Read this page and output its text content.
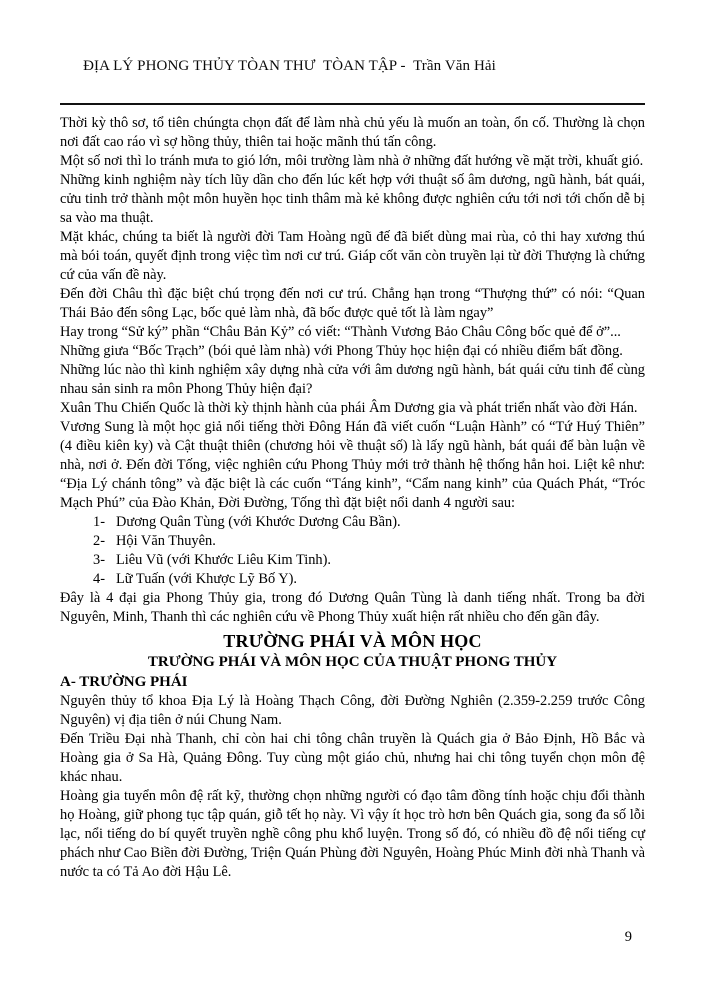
ĐỊA LÝ PHONG THỦY TÒAN THƯ  TÒAN TẬP -  Trần Văn Hải

Thời kỳ thô sơ, tổ tiên chúngta chọn đất để làm nhà chủ yếu là muốn an toàn, ổn cố. Thường là chọn nơi đất cao ráo vì sợ hồng thủy, thiên tai hoặc mãnh thú tấn công.

Một số nơi thì lo tránh mưa to gió lớn, môi trường làm nhà ở những đất hướng về mặt trời, khuất gió.

Những kinh nghiệm này tích lũy dần cho đến lúc kết hợp với thuật số âm dương, ngũ hành, bát quái, cửu tinh trở thành một môn huyền học tinh thâm mà kẻ không được nghiên cứu tới nơi tới chốn dễ bị sa vào ma thuật.

Mặt khác, chúng ta biết là người đời Tam Hoàng ngũ đế đã biết dùng mai rùa, cỏ thi hay xương thú mà bói toán, quyết định trong việc tìm nơi cư trú. Giáp cốt văn còn truyền lại từ đời Thượng là chứng cứ của vấn đề này.

Đến đời Châu thì đặc biệt chú trọng đến nơi cư trú. Chẳng hạn trong “Thượng thứ” có nói: “Quan Thái Bảo đến sông Lạc, bốc quẻ làm nhà, đã bốc được quẻ tốt là làm ngay”

Hay trong “Sử ký” phần “Châu Bản Kỷ” có viết: “Thành Vương Bảo Châu Công bốc quẻ để ở”...

Những giưa “Bốc Trạch” (bói quẻ làm nhà) với Phong Thủy học hiện đại có nhiều điểm bất đồng.

Những lúc nào thì kinh nghiệm xây dựng nhà cửa với âm dương ngũ hành, bát quái cửu tinh để cùng nhau sản sinh ra môn Phong Thủy hiện đại?

Xuân Thu Chiến Quốc là thời kỳ thịnh hành của phái Âm Dương gia và phát triển nhất vào đời Hán.

Vương Sung là một học giả nổi tiếng thời Đông Hán đã viết cuốn “Luận Hành” có “Tứ Huý Thiên” (4 điều kiên ky) và Cật thuật thiên (chương hỏi về thuật số) là lấy ngũ hành, bát quái để bàn luận về nhà, nơi ở. Đến đời Tống, việc nghiên cứu Phong Thủy mới trở thành hệ thống hẳn hoi. Liệt kê như: “Địa Lý chánh tông” và đặc biệt là các cuốn “Táng kinh”, “Cẩm nang kinh” của Quách Phát, “Tróc Mạch Phú” của Đào Khản, Đời Đường, Tống thì đặt biệt nổi danh 4 người sau:

1- Dương Quân Tùng (với Khước Dương Câu Bần).
2- Hội Văn Thuyên.
3- Liêu Vũ (với Khước Liêu Kim Tinh).
4- Lữ Tuấn (với Khược Lỹ Bố Y).

Đây là 4 đại gia Phong Thủy gia, trong đó Dương Quân Tùng là danh tiếng nhất. Trong ba đời Nguyên, Minh, Thanh thì các nghiên cứu về Phong Thủy xuất hiện rất nhiều cho đến gần đây.

TRƯỜNG PHÁI VÀ MÔN HỌC
TRƯỜNG PHÁI VÀ MÔN HỌC CỦA THUẬT PHONG THỦY
A- TRƯỜNG PHÁI

Nguyên thủy tổ khoa Địa Lý là Hoàng Thạch Công, đời Đường Nghiên (2.359-2.259 trước Công Nguyên) vị địa tiên ở núi Chung Nam.

Đến Triều Đại nhà Thanh, chỉ còn hai chi tông chân truyền là Quách gia ở Bảo Định, Hồ Bắc và Hoàng gia ở Sa Hà, Quảng Đông. Tuy cùng một giáo chủ, nhưng hai chi tông tuyển chọn môn đệ khác nhau.

Hoàng gia tuyển môn đệ rất kỹ, thường chọn những người có đạo tâm đồng tính hoặc chịu đổi thành họ Hoàng, giữ phong tục tập quán, giỗ tết họ này. Vì vậy ít học trò hơn bên Quách gia, song đa số lỗi lạc, nổi tiếng do bí quyết truyền nghề công phu khổ luyện. Trong số đó, có nhiều đồ đệ nổi tiếng cự phách như Cao Biền đời Đường, Triện Quán Phùng đời Nguyên, Hoàng Phúc Minh đời nhà Thanh và nước ta có Tả Ao đời Hậu Lê.

9
